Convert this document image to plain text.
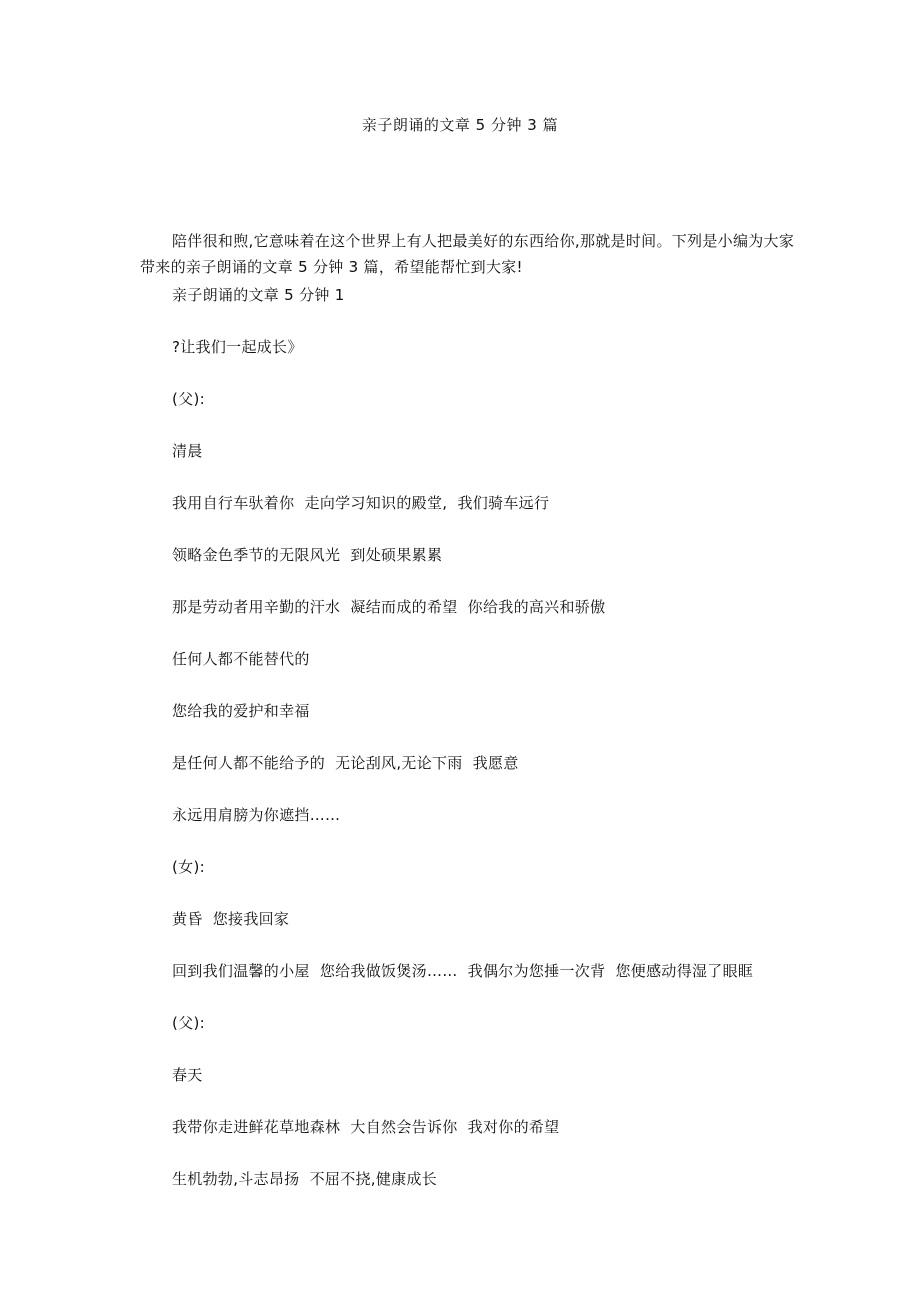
亲子朗诵的文章 5 分钟 3 篇

陪伴很和煦,它意味着在这个世界上有人把最美好的东西给你,那就是时间。下列是小编为大家带来的亲子朗诵的文章 5 分钟 3 篇，希望能帮忙到大家!

亲子朗诵的文章 5 分钟 1

?让我们一起成长》

(父):

清晨

我用自行车驮着你  走向学习知识的殿堂,  我们骑车远行

领略金色季节的无限风光  到处硕果累累

那是劳动者用辛勤的汗水  凝结而成的希望  你给我的高兴和骄傲

任何人都不能替代的

您给我的爱护和幸福

是任何人都不能给予的  无论刮风,无论下雨  我愿意

永远用肩膀为你遮挡……

(女):

黄昏  您接我回家

回到我们温馨的小屋  您给我做饭煲汤……  我偶尔为您捶一次背  您便感动得湿了眼眶

(父):

春天

我带你走进鲜花草地森林  大自然会告诉你  我对你的希望

生机勃勃,斗志昂扬  不屈不挠,健康成长
